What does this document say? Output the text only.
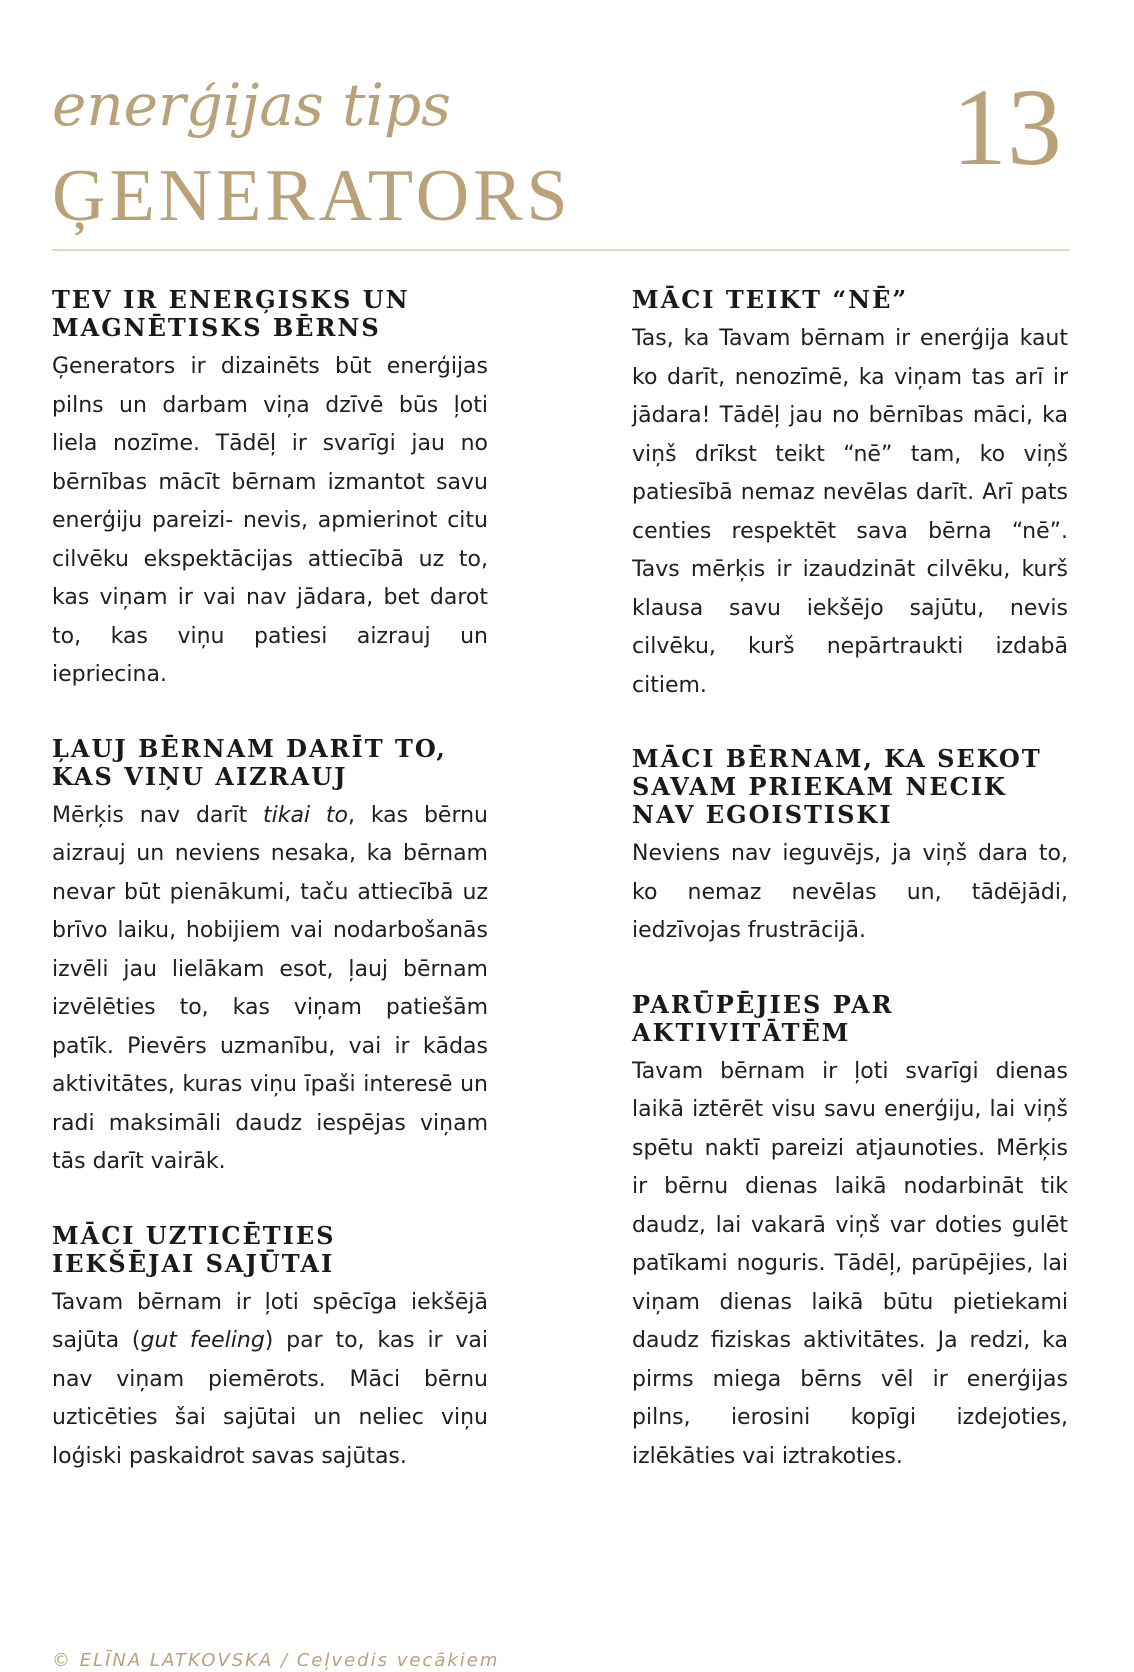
enerģijas tips
ĢENERATORS
13
TEV IR ENERĢISKS UN MAGNĒTISKS BĒRNS

Ģenerators ir dizainēts būt enerģijas pilns un darbam viņa dzīvē būs ļoti liela nozīme. Tādēļ ir svarīgi jau no bērnības mācīt bērnam izmantot savu enerģiju pareizi- nevis, apmierinot citu cilvēku ekspektācijas attiecībā uz to, kas viņam ir vai nav jādara, bet darot to, kas viņu patiesi aizrauj un iepriecina.

ĻAUJ BĒRNAM DARĪT TO, KAS VIŅU AIZRAUJ

Mērķis nav darīt tikai to, kas bērnu aizrauj un neviens nesaka, ka bērnam nevar būt pienākumi, taču attiecībā uz brīvo laiku, hobijiem vai nodarbošanās izvēli jau lielākam esot, ļauj bērnam izvēlēties to, kas viņam patiešām patīk. Pievērs uzmanību, vai ir kādas aktivitātes, kuras viņu īpaši interesē un radi maksimāli daudz iespējas viņam tās darīt vairāk.

MĀCI UZTICĒTIES IEKŠĒJAI SAJŪTAI

Tavam bērnam ir ļoti spēcīga iekšējā sajūta (gut feeling) par to, kas ir vai nav viņam piemērots. Māci bērnu uzticēties šai sajūtai un neliec viņu loģiski paskaidrot savas sajūtas.

MĀCI TEIKT “NĒ”

Tas, ka Tavam bērnam ir enerģija kaut ko darīt, nenozīmē, ka viņam tas arī ir jādara! Tādēļ jau no bērnības māci, ka viņš drīkst teikt “nē” tam, ko viņš patiesībā nemaz nevēlas darīt. Arī pats centies respektēt sava bērna “nē”. Tavs mērķis ir izaudzināt cilvēku, kurš klausa savu iekšējo sajūtu, nevis cilvēku, kurš nepārtraukti izdabā citiem.

MĀCI BĒRNAM, KA SEKOT SAVAM PRIEKAM NECIK NAV EGOISTISKI

Neviens nav ieguvējs, ja viņš dara to, ko nemaz nevēlas un, tādējādi, iedzīvojas frustrācijā.

PARŪPĒJIES PAR AKTIVITĀTĒM

Tavam bērnam ir ļoti svarīgi dienas laikā iztērēt visu savu enerģiju, lai viņš spētu naktī pareizi atjaunoties. Mērķis ir bērnu dienas laikā nodarbināt tik daudz, lai vakarā viņš var doties gulēt patīkami noguris. Tādēļ, parūpējies, lai viņam dienas laikā būtu pietiekami daudz fiziskas aktivitātes. Ja redzi, ka pirms miega bērns vēl ir enerģijas pilns, ierosini kopīgi izdejoties, izlēkāties vai iztrakoties.

© ELĪNA LATKOVSKA / Ceļvedis vecākiem
